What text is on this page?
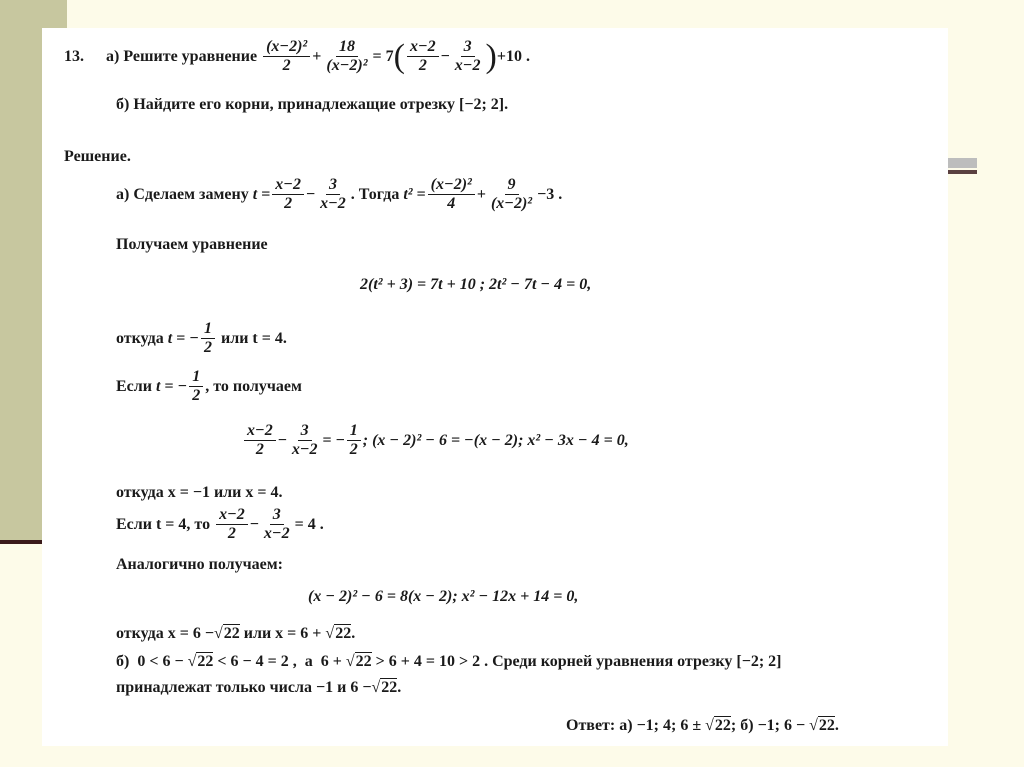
13. а) Решите уравнение
$\frac{\text{(x−2)²}}{2} + \frac{18}{\text{(x−2)²}} = 7$ ( $\frac{x-2}{2} - \frac{3}{x-2}$ ) +10 .
б) Найдите его корни, принадлежащие отрезку [−2; 2].
Решение.
а) Сделаем замену
$t = \frac{x-2}{2} - \frac{3}{x-2}$ . Тогда
$t^2 = \frac{\text{(x−2)²}}{4} + \frac{9}{\text{(x−2)²}} -3$ .
Получаем уравнение
2(t² + 3) = 7t + 10 ; 2t² − 7t − 4 = 0,
откуда
t = − $\frac{1}{2}$
или t = 4.
Если
t = − $\frac{1}{2}$ , то получаем
$\frac{x-2}{2} - \frac{3}{x-2}$ = − $\frac{1}{2}$ ; (x − 2)² − 6 = −(x − 2); x² − 3x − 4 = 0,
откуда x = −1 или x = 4.
Если t = 4, то
$\frac{x-2}{2} - \frac{3}{x-2} = 4$ .
Аналогично получаем:
(x − 2)² − 6 = 8(x − 2); x² − 12x + 14 = 0,
откуда x = 6 − √ 22 или x = 6 + √ 22 .
б)  0 < 6 − √ 22 < 6 − 4 = 2 ,  а  6 + √ 22 > 6 + 4 = 10 > 2 . Среди корней уравнения отрезку [−2; 2]
принадлежат только числа −1 и 6 − √ 22 .
Ответ: а) −1; 4; 6 ± √ 22 ; б) −1; 6 − √ 22 .
